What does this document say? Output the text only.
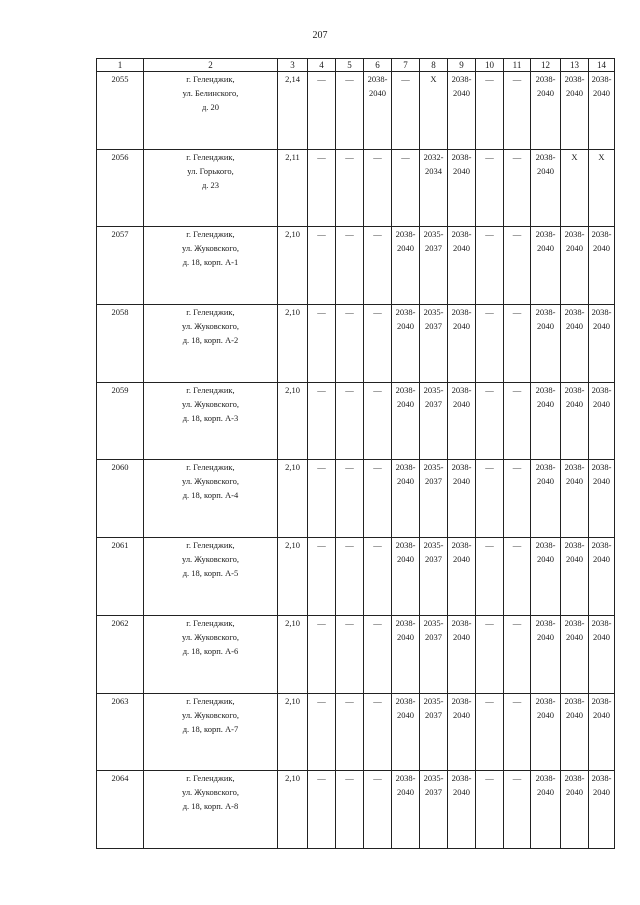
207
1	2	3	4	5	6	7	8	9	10	11	12	13	14
2055	г. Геленджик,
ул. Белинского,
д. 20	2,14	—	—	2038-
2040	—	X	2038-
2040	—	—	2038-
2040	2038-
2040	2038-
2040

2056	г. Геленджик,
ул. Горького,
д. 23	2,11	—	—	—	—	2032-
2034	2038-
2040	—	—	2038-
2040	X	X
2057	г. Геленджик,
ул. Жуковского,
д. 18, корп. А-1	2,10	—	—	—	2038-
2040	2035-
2037	2038-
2040	—	—	2038-
2040	2038-
2040	2038-
2040

2058	г. Геленджик,
ул. Жуковского,
д. 18, корп. А-2	2,10	—	—	—	2038-
2040	2035-
2037	2038-
2040	—	—	2038-
2040	2038-
2040	2038-
2040

2059	г. Геленджик,
ул. Жуковского,
д. 18, корп. А-3	2,10	—	—	—	2038-
2040	2035-
2037	2038-
2040	—	—	2038-
2040	2038-
2040	2038-
2040

2060	г. Геленджик,
ул. Жуковского,
д. 18, корп. А-4	2,10	—	—	—	2038-
2040	2035-
2037	2038-
2040	—	—	2038-
2040	2038-
2040	2038-
2040

2061	г. Геленджик,
ул. Жуковского,
д. 18, корп. А-5	2,10	—	—	—	2038-
2040	2035-
2037	2038-
2040	—	—	2038-
2040	2038-
2040	2038-
2040

2062	г. Геленджик,
ул. Жуковского,
д. 18, корп. А-6	2,10	—	—	—	2038-
2040	2035-
2037	2038-
2040	—	—	2038-
2040	2038-
2040	2038-
2040

2063	г. Геленджик,
ул. Жуковского,
д. 18, корп. А-7	2,10	—	—	—	2038-
2040	2035-
2037	2038-
2040	—	—	2038-
2040	2038-
2040	2038-
2040

2064	г. Геленджик,
ул. Жуковского,
д. 18, корп. А-8	2,10	—	—	—	2038-
2040	2035-
2037	2038-
2040	—	—	2038-
2040	2038-
2040	2038-
2040
